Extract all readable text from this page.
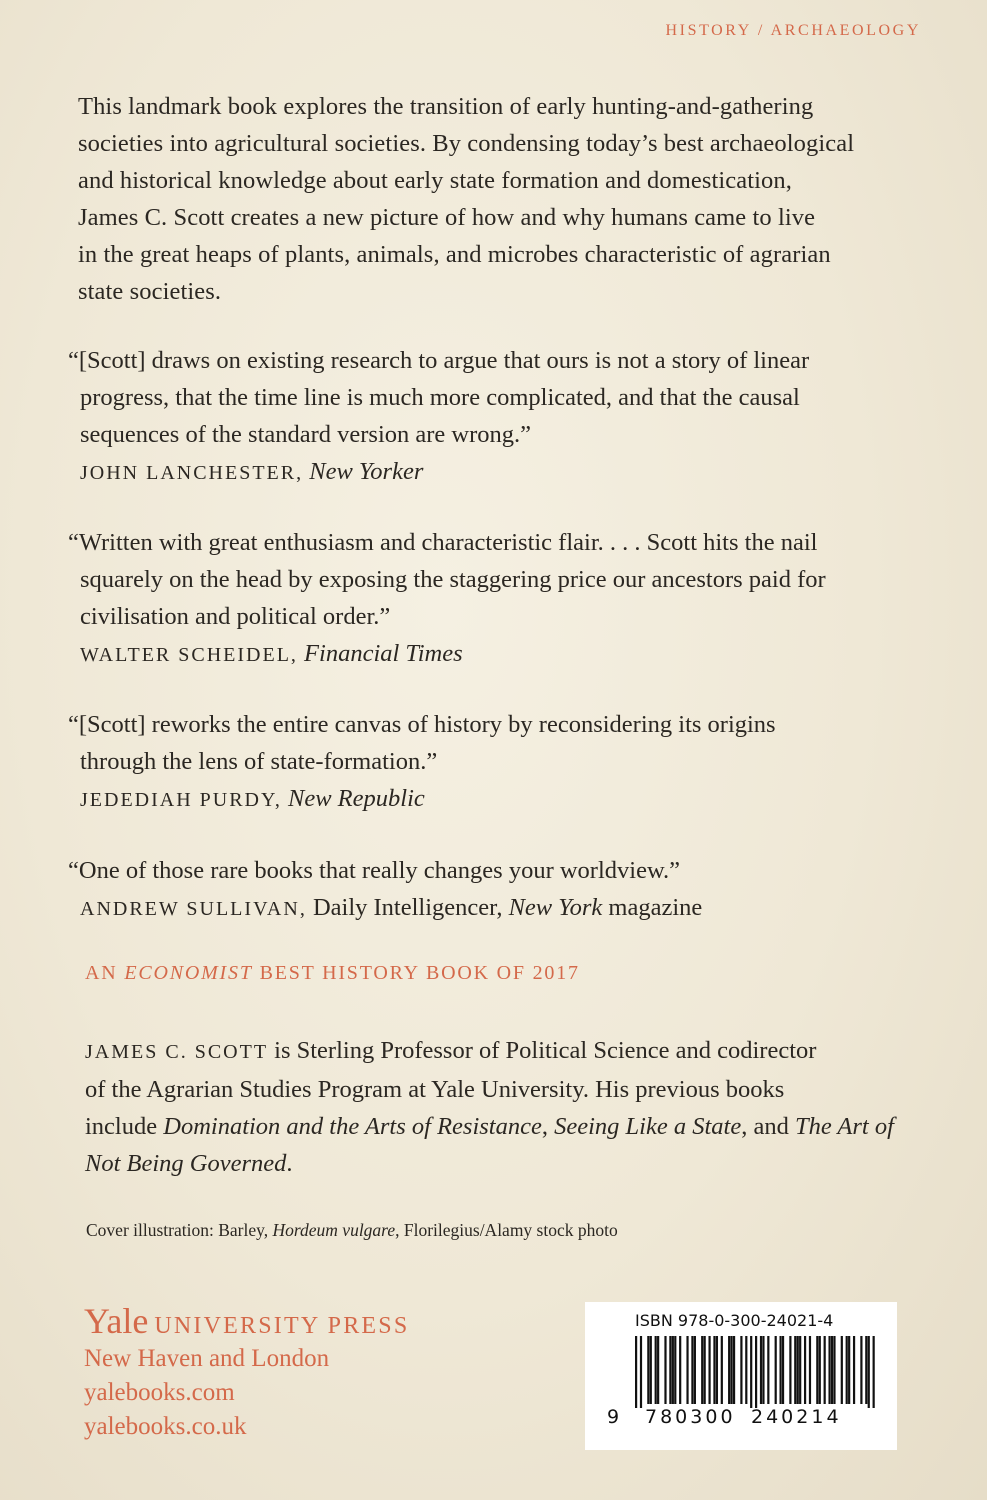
HISTORY / ARCHAEOLOGY
This landmark book explores the transition of early hunting-and-gathering
societies into agricultural societies. By condensing today’s best archaeological
and historical knowledge about early state formation and domestication,
James C. Scott creates a new picture of how and why humans came to live
in the great heaps of plants, animals, and microbes characteristic of agrarian
state societies.
“[Scott] draws on existing research to argue that ours is not a story of linear
progress, that the time line is much more complicated, and that the causal
sequences of the standard version are wrong.”
JOHN LANCHESTER, New Yorker
“Written with great enthusiasm and characteristic flair. . . . Scott hits the nail
squarely on the head by exposing the staggering price our ancestors paid for
civilisation and political order.”
WALTER SCHEIDEL, Financial Times
“[Scott] reworks the entire canvas of history by reconsidering its origins
through the lens of state-formation.”
JEDEDIAH PURDY, New Republic
“One of those rare books that really changes your worldview.”
ANDREW SULLIVAN, Daily Intelligencer, New York magazine
AN ECONOMIST BEST HISTORY BOOK OF 2017
JAMES C. SCOTT is Sterling Professor of Political Science and codirector
of the Agrarian Studies Program at Yale University. His previous books
include Domination and the Arts of Resistance, Seeing Like a State, and The Art of
Not Being Governed.
Cover illustration: Barley, Hordeum vulgare, Florilegius/Alamy stock photo
Yale UNIVERSITY PRESS
New Haven and London
yalebooks.com
yalebooks.co.uk
ISBN 978-0-300-24021-4
9 780300 240214
